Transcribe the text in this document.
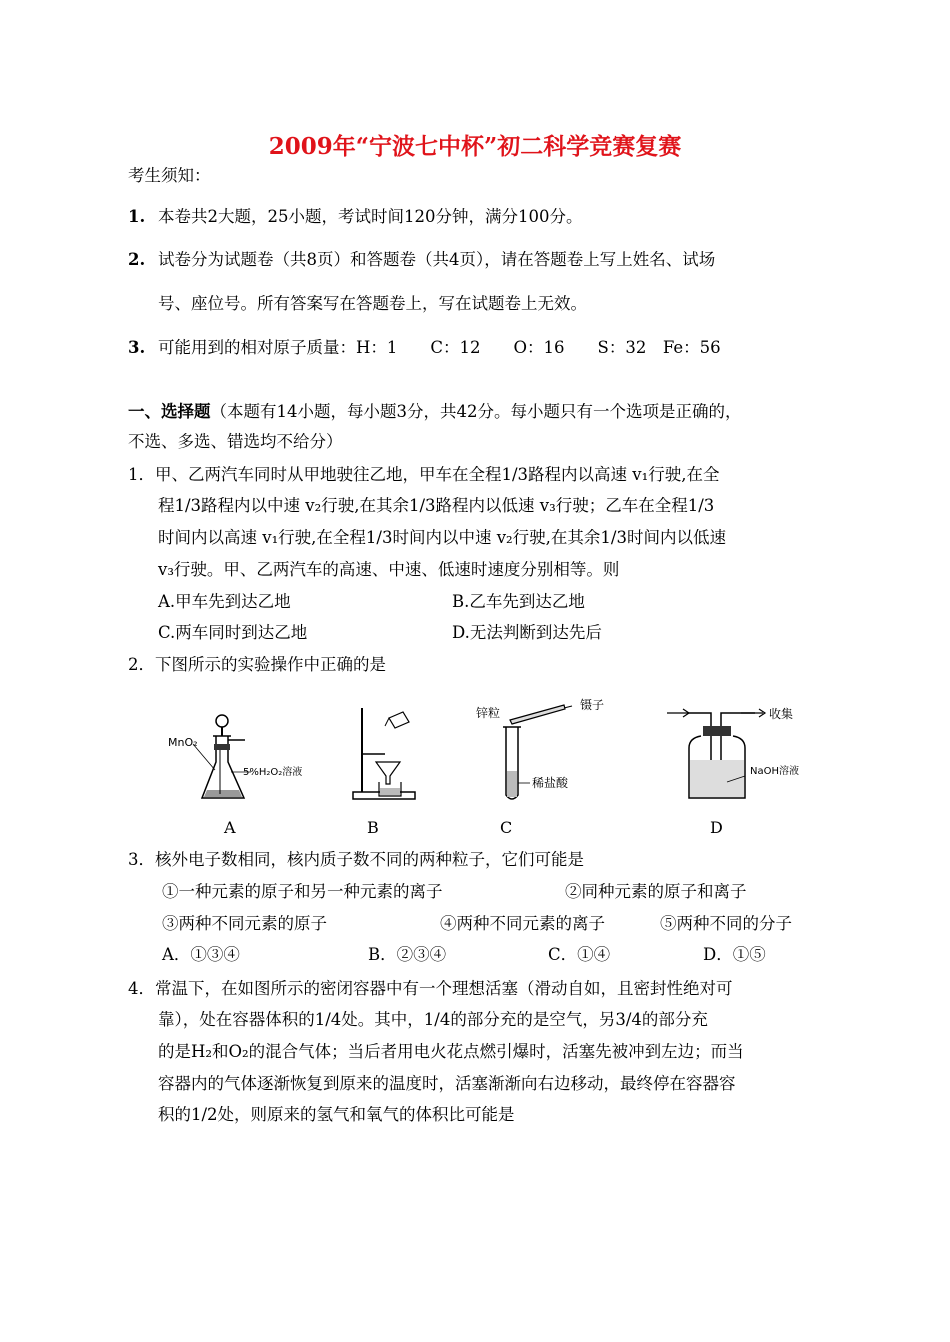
2009年“宁波七中杯”初二科学竞赛复赛
考生须知：
1. 本卷共2大题，25小题，考试时间120分钟，满分100分。
2. 试卷分为试题卷（共8页）和答题卷（共4页），请在答题卷上写上姓名、试场
号、座位号。所有答案写在答题卷上，写在试题卷上无效。
3. 可能用到的相对原子质量：H：1　　C：12　　O：16　　S：32　Fe：56
一、选择题（本题有14小题，每小题3分，共42分。每小题只有一个选项是正确的，
不选、多选、错选均不给分）
1．甲、乙两汽车同时从甲地驶往乙地，甲车在全程1/3路程内以高速 v₁行驶,在全
程1/3路程内以中速 v₂行驶,在其余1/3路程内以低速 v₃行驶；乙车在全程1/3
时间内以高速 v₁行驶,在全程1/3时间内以中速 v₂行驶,在其余1/3时间内以低速
v₃行驶。甲、乙两汽车的高速、中速、低速时速度分别相等。则
A.甲车先到达乙地	B.乙车先到达乙地
C.两车同时到达乙地	D.无法判断到达先后
2．下图所示的实验操作中正确的是
MnO₂
5%H₂O₂溶液
锌粒
镊子
稀盐酸
收集
NaOH溶液
A	B	C	D
3．核外电子数相同，核内质子数不同的两种粒子，它们可能是
①一种元素的原子和另一种元素的离子	②同种元素的原子和离子
③两种不同元素的原子	④两种不同元素的离子	⑤两种不同的分子
A．①③④	B．②③④	C．①④	D．①⑤
4．常温下，在如图所示的密闭容器中有一个理想活塞（滑动自如，且密封性绝对可
靠），处在容器体积的1/4处。其中，1/4的部分充的是空气，另3/4的部分充
的是H₂和O₂的混合气体；当后者用电火花点燃引爆时，活塞先被冲到左边；而当
容器内的气体逐渐恢复到原来的温度时，活塞渐渐向右边移动，最终停在容器容
积的1/2处，则原来的氢气和氧气的体积比可能是
